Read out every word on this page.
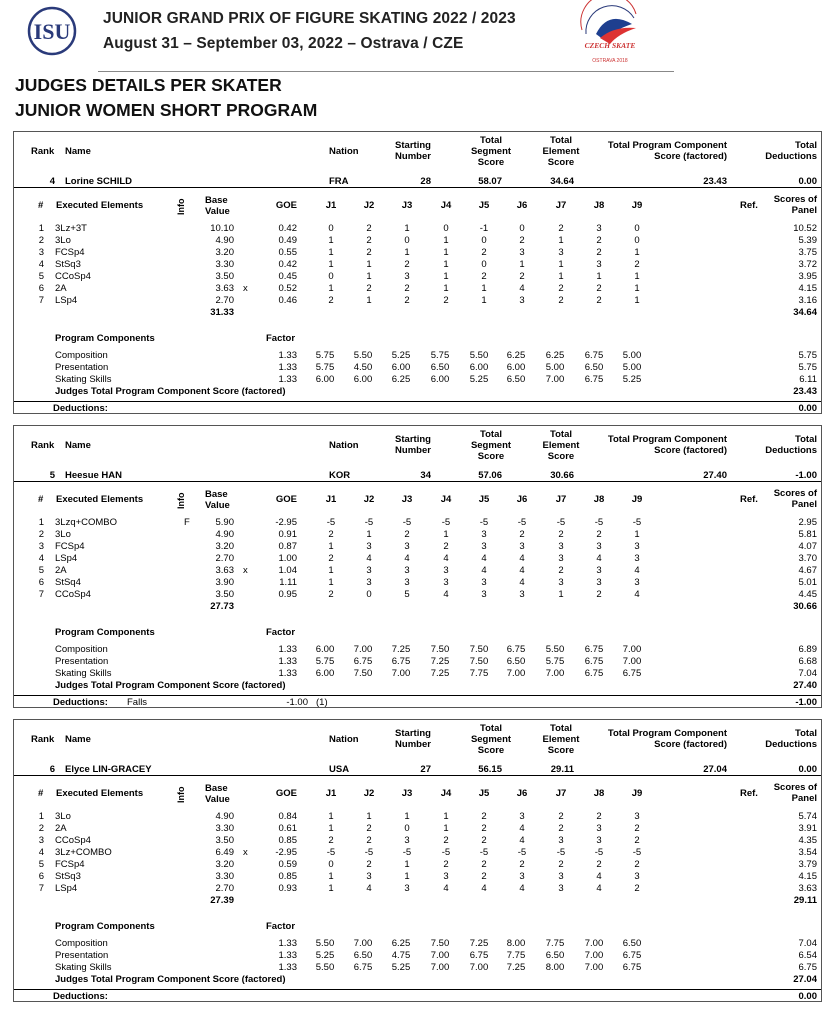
ISU
JUNIOR GRAND PRIX OF FIGURE SKATING 2022 / 2023
August 31 – September 03, 2022 – Ostrava / CZE	CZECH SKATE
OSTRAVA 2018
JUDGES DETAILS PER SKATER
JUNIOR WOMEN SHORT PROGRAM
Rank Name	Nation
Starting
Number
Total
Segment
Score
Total
Element
Score
Total Program Component
Score (factored)
Total
Deductions
4 Lorine SCHILD	FRA	28	58.07	34.64	23.43	0.00
# Executed Elements	Info Base
Value
GOE	J1	J2	J3	J4	J5	J6	J7	J8	J9	Ref.
Scores of
Panel
1 3Lz+3T	10.10	0.42	0	2	1	0	-1	0	2	3	0	10.52
2 3Lo	4.90	0.49	1	2	0	1	0	2	1	2	0	5.39
3 FCSp4	3.20	0.55	1	2	1	1	2	3	3	2	1	3.75
4 StSq3	3.30	0.42	1	1	2	1	0	1	1	3	2	3.72
5 CCoSp4	3.50	0.45	0	1	3	1	2	2	1	1	1	3.95
6 2A	3.63 x	0.52	1	2	2	1	1	4	2	2	1	4.15
7 LSp4	2.70	0.46	2	1	2	2	1	3	2	2	1	3.16
31.33	34.64
Program Components	Factor
Composition	1.33	5.75	5.50	5.25	5.75	5.50	6.25	6.25	6.75	5.00	5.75
Presentation	1.33	5.75	4.50	6.00	6.50	6.00	6.00	5.00	6.50	5.00	5.75
Skating Skills	1.33	6.00	6.00	6.25	6.00	5.25	6.50	7.00	6.75	5.25	6.11
Judges Total Program Component Score (factored)	23.43
Deductions:	0.00
Rank Name	Nation
Starting
Number
Total
Segment
Score
Total
Element
Score
Total Program Component
Score (factored)
Total
Deductions
5 Heesue HAN	KOR	34	57.06	30.66	27.40	-1.00
# Executed Elements	Info Base
Value
GOE	J1	J2	J3	J4	J5	J6	J7	J8	J9	Ref.
Scores of
Panel
1 3Lzq+COMBO	F	5.90	-2.95	-5	-5	-5	-5	-5	-5	-5	-5	-5	2.95
2 3Lo	4.90	0.91	2	1	2	1	3	2	2	2	1	5.81
3 FCSp4	3.20	0.87	1	3	3	2	3	3	3	3	3	4.07
4 LSp4	2.70	1.00	2	4	4	4	4	4	3	4	3	3.70
5 2A	3.63 x	1.04	1	3	3	3	4	4	2	3	4	4.67
6 StSq4	3.90	1.11	1	3	3	3	3	4	3	3	3	5.01
7 CCoSp4	3.50	0.95	2	0	5	4	3	3	1	2	4	4.45
27.73	30.66
Program Components	Factor
Composition	1.33	6.00	7.00	7.25	7.50	7.50	6.75	5.50	6.75	7.00	6.89
Presentation	1.33	5.75	6.75	6.75	7.25	7.50	6.50	5.75	6.75	7.00	6.68
Skating Skills	1.33	6.00	7.50	7.00	7.25	7.75	7.00	7.00	6.75	6.75	7.04
Judges Total Program Component Score (factored)	27.40
Deductions: Falls	-1.00 (1)	-1.00
Rank Name	Nation
Starting
Number
Total
Segment
Score
Total
Element
Score
Total Program Component
Score (factored)
Total
Deductions
6 Elyce LIN-GRACEY	USA	27	56.15	29.11	27.04	0.00
# Executed Elements	Info Base
Value
GOE	J1	J2	J3	J4	J5	J6	J7	J8	J9	Ref.
Scores of
Panel
1 3Lo	4.90	0.84	1	1	1	1	2	3	2	2	3	5.74
2 2A	3.30	0.61	1	2	0	1	2	4	2	3	2	3.91
3 CCoSp4	3.50	0.85	2	2	3	2	2	4	3	3	2	4.35
4 3Lz+COMBO	6.49 x	-2.95	-5	-5	-5	-5	-5	-5	-5	-5	-5	3.54
5 FCSp4	3.20	0.59	0	2	1	2	2	2	2	2	2	3.79
6 StSq3	3.30	0.85	1	3	1	3	2	3	3	4	3	4.15
7 LSp4	2.70	0.93	1	4	3	4	4	4	3	4	2	3.63
27.39	29.11
Program Components	Factor
Composition	1.33	5.50	7.00	6.25	7.50	7.25	8.00	7.75	7.00	6.50	7.04
Presentation	1.33	5.25	6.50	4.75	7.00	6.75	7.75	6.50	7.00	6.75	6.54
Skating Skills	1.33	5.50	6.75	5.25	7.00	7.00	7.25	8.00	7.00	6.75	6.75
Judges Total Program Component Score (factored)	27.04
Deductions:	0.00
